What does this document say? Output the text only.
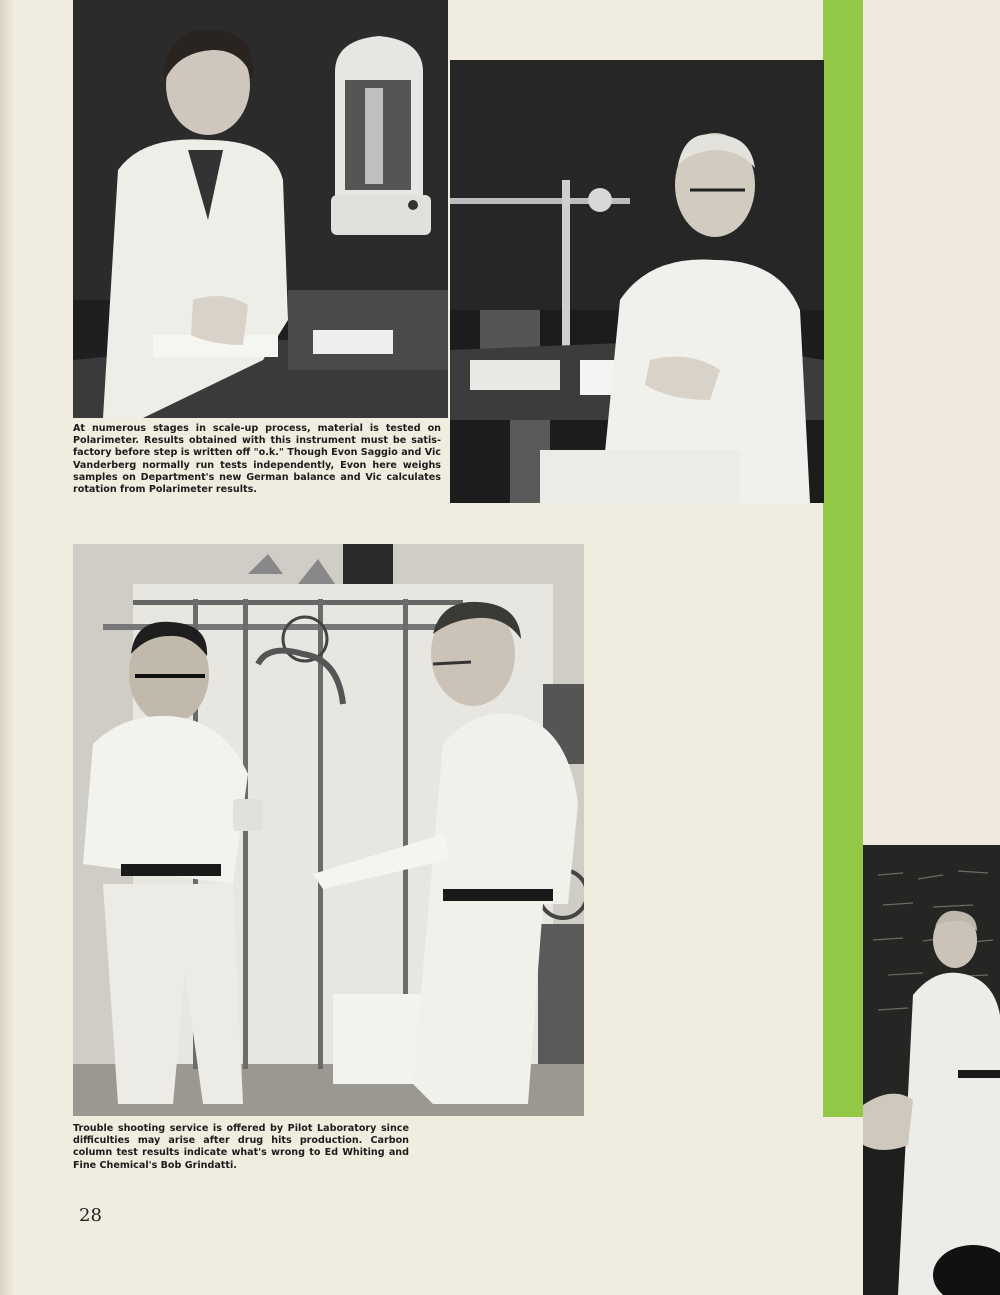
At numerous stages in scale-up process, material is tested on Polarimeter. Results obtained with this instrument must be satis-factory before step is written off "o.k." Though Evon Saggio and Vic Vanderberg normally run tests independently, Evon here weighs samples on Department's new German balance and Vic calculates rotation from Polarimeter results.

Trouble shooting service is offered by Pilot Laboratory since difficulties may arise after drug hits production. Carbon column test results indicate what's wrong to Ed Whiting and Fine Chemical's Bob Grindatti.

28
